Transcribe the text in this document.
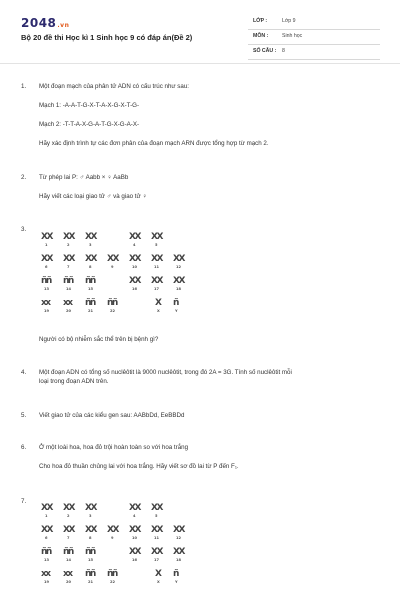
2048.vn
Bộ 20 đề thi Học kì 1 Sinh học 9 có đáp án(Đề 2)
LỚP :	Lớp 9
MÔN :	Sinh học
SỐ CÂU : 8
1. Một đoạn mạch của phân tử ADN có cấu trúc như sau:
Mạch 1: -A-A-T-G-X-T-A-X-G-X-T-G-
Mạch 2: -T-T-A-X-G-A-T-G-X-G-A-X-
Hãy xác định trình tự các đơn phân của đoạn mạch ARN được tổng hợp từ mạch 2.
2. Từ phép lai P: ♂ Aabb × ♀ AaBb
Hãy viết các loại giao tử ♂ và giao tử ♀
3.
XX
1
XX
2
XX
3
XX
4
XX
5
XX
6
XX
7
XX
8
XX
9
XX
10
XX
11
XX
12
ññ
13
ññ
14
ññ
15
XX
16
XX
17
XX
18
xx
19
xx
20
ññ
21
ññ
22
X
X
ñ
Y
Người có bộ nhiễm sắc thể trên bị bệnh gì?
4. Một đoạn ADN có tổng số nuclêôtit là 9000 nuclêôtit, trong đó 2A = 3G. Tính số nuclêôtit mỗi
loại trong đoạn ADN trên.
5. Viết giao tử của các kiểu gen sau: AABbDd, EeBBDd
6. Ở một loài hoa, hoa đỏ trội hoàn toàn so với hoa trắng
Cho hoa đỏ thuần chủng lai với hoa trắng. Hãy viết sơ đồ lai từ P đến F₁.
7.
XX
1
XX
2
XX
3
XX
4
XX
5
XX
6
XX
7
XX
8
XX
9
XX
10
XX
11
XX
12
ññ
13
ññ
14
ññ
15
XX
16
XX
17
XX
18
xx
19
xx
20
ññ
21
ññ
22
X
X
ñ
Y
